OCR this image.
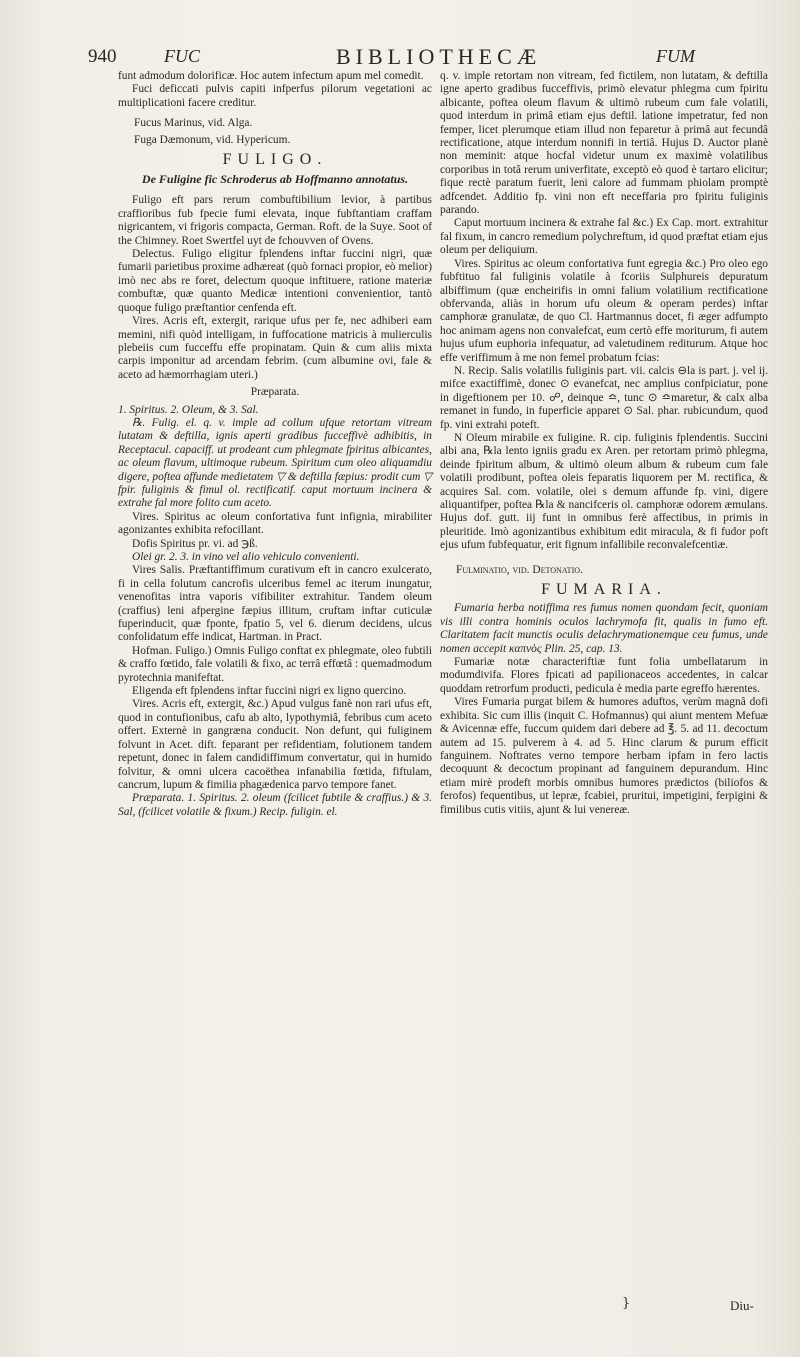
940	FUC	BIBLIOTHECÆ	FUM

funt admodum dolorificæ. Hoc autem infectum apum mel comedit.

Fuci deficcati pulvis capiti infperfus pilorum vegetationi ac multiplicationi facere creditur.

Fucus Marinus, vid. Alga.
Fuga Dæmonum, vid. Hypericum.
FULIGO.
De Fuligine fic Schroderus ab Hoffmanno annotatus.

Fuligo eft pars rerum combuftibilium levior, à partibus craffioribus fub fpecie fumi elevata, inque fubftantiam craffam nigricantem, vi frigoris compacta, German. Roft. de la Suye. Soot of the Chimney. Roet Swertfel uyt de fchouvven of Ovens.

Delectus. Fuligo eligitur fplendens inftar fuccini nigri, quæ fumarii parietibus proxime adhæreat (quò fornaci propior, eò melior) imò nec abs re foret, delectum quoque inftituere, ratione materiæ combuftæ, quæ quanto Medicæ intentioni convenientior, tantò quoque fuligo præftantior cenfenda eft.

Vires. Acris eft, extergit, rarique ufus per fe, nec adhiberi eam memini, nifi quòd intelligam, in fuffocatione matricis à mulierculis plebeiis cum fucceffu effe propinatam. Quin & cum aliis mixta carpis imponitur ad arcendam febrim. (cum albumine ovi, fale & aceto ad hæmorrhagiam uteri.)

Præparata.

1. Spiritus. 2. Oleum, & 3. Sal.

℞. Fulig. el. q. v. imple ad collum ufque retortam vitream lutatam & deftilla, ignis aperti gradibus fucceffivè adhibitis, in Receptacul. capaciff. ut prodeant cum phlegmate fpiritus albicantes, ac oleum flavum, ultimoque rubeum. Spiritum cum oleo aliquamdiu digere, poftea affunde medietatem ▽ & deftilla fæpius: prodit cum ▽ fpir. fuliginis & fimul ol. rectificatif. caput mortuum incinera & extrahe fal more folito cum aceto.

Vires. Spiritus ac oleum confortativa funt infignia, mirabiliter agonizantes exhibita refocillant.

Dofis Spiritus pr. vi. ad ℈ß.

Olei gr. 2. 3. in vino vel alio vehiculo convenienti.

Vires Salis. Præftantiffimum curativum eft in cancro exulcerato, fi in cella folutum cancrofis ulceribus femel ac iterum inungatur, venenofitas intra vaporis vifibiliter extrahitur. Tandem oleum (craffius) leni afpergine fæpius illitum, cruftam inftar cuticulæ fuperinducit, quæ fponte, fpatio 5, vel 6. dierum decidens, ulcus confolidatum effe indicat, Hartman. in Pract.

Hofman. Fuligo.) Omnis Fuligo conftat ex phlegmate, oleo fubtili & craffo fœtido, fale volatili & fixo, ac terrâ effœtâ : quemadmodum pyrotechnia manifeftat.

Eligenda eft fplendens inftar fuccini nigri ex ligno quercino.

Vires. Acris eft, extergit, &c.) Apud vulgus fanè non rari ufus eft, quod in contufionibus, cafu ab alto, lypothymiâ, febribus cum aceto offert. Externè in gangræna conducit. Non defunt, qui fuliginem folvunt in Acet. dift. feparant per refidentiam, folutionem tandem repetunt, donec in falem candidiffimum convertatur, qui in humido folvitur, & omni ulcera cacoëthea infanabilia fœtida, fiftulam, cancrum, lupum & fimilia phagædenica parvo tempore fanet.

Præparata. 1. Spiritus. 2. oleum (fcilicet fubtile & craffius.) & 3. Sal, (fcilicet volatile & fixum.) Recip. fuligin. el.

q. v. imple retortam non vitream, fed fictilem, non lutatam, & deftilla igne aperto gradibus fucceffivis, primò elevatur phlegma cum fpiritu albicante, poftea oleum flavum & ultimò rubeum cum fale volatili, quod interdum in primâ etiam ejus deftil. latione impetratur, fed non femper, licet plerumque etiam illud non feparetur à primâ aut fecundâ rectificatione, atque interdum nonnifi in tertiâ. Hujus D. Auctor planè non meminit: atque hocfal videtur unum ex maximè volatilibus corporibus in totâ rerum univerfitate, exceptò eò quod è tartaro elicitur; fique rectè paratum fuerit, leni calore ad fummam phiolam promptè adfcendet. Additio fp. vini non eft neceffaria pro fpiritu fuliginis parando.

Caput mortuum incinera & extrahe fal &c.) Ex Cap. mort. extrahitur fal fixum, in cancro remedium polychreftum, id quod præftat etiam ejus oleum per deliquium.

Vires. Spiritus ac oleum confortativa funt egregia &c.) Pro oleo ego fubftituo fal fuliginis volatile à fcoriis Sulphureis depuratum albiffimum (quæ encheirifis in omni falium volatilium rectificatione obfervanda, aliàs in horum ufu oleum & operam perdes) inftar camphoræ granulatæ, de quo Cl. Hartmannus docet, fi æger adfumpto hoc animam agens non convalefcat, eum certò effe moriturum, fi autem hujus ufum euphoria infequatur, ad valetudinem rediturum. Atque hoc effe veriffimum à me non femel probatum fcias:

N. Recip. Salis volatilis fuliginis part. vii. calcis ⊖la is part. j. vel ij. mifce exactiffimè, donec ⊙ evanefcat, nec amplius confpiciatur, pone in digeftionem per 10. ☍, deinque ≏, tunc ⊙ ≏maretur, & calx alba remanet in fundo, in fuperficie apparet ⊙ Sal. phar. rubicundum, quod fp. vini extrahi poteft.

N Oleum mirabile ex fuligine. R. cip. fuliginis fplendentis. Succini albi ana, ℞la lento igniis gradu ex Aren. per retortam primò phlegma, deinde fpiritum album, & ultimò oleum album & rubeum cum fale volatili prodibunt, poftea oleis feparatis liquorem per M. rectifica, & acquires Sal. com. volatile, olei s demum affunde fp. vini, digere aliquantifper, poftea ℞la & nancifceris ol. camphoræ odorem æmulans. Hujus dof. gutt. iij funt in omnibus ferè affectibus, in primis in pleuritide. Imò agonizantibus exhibitum edit miracula, & fi fudor poft ejus ufum fubfequatur, erit fignum infallibile reconvalefcentiæ.

Fulminatio, vid. Detonatio.
FUMARIA.

Fumaria herba notiffima res fumus nomen quondam fecit, quoniam vis illi contra hominis oculos lachrymofa fit, qualis in fumo eft. Claritatem facit munctis oculis delachrymationemque ceu fumus, unde nomen accepit καπνὸς Plin. 25, cap. 13.

Fumariæ notæ characteriftiæ funt folia umbellatarum in modumdivifa. Flores fpicati ad papilionaceos accedentes, in calcar quoddam retrorfum producti, pedicula è media parte egreffo hærentes.

Vires Fumaria purgat bilem & humores aduftos, verùm magnâ dofi exhibita. Sic cum illis (inquit C. Hofmannus) qui aiunt mentem Mefuæ & Avicennæ effe, fuccum quidem dari debere ad ℥. 5. ad 11. decoctum autem ad 15. pulverem à 4. ad 5. Hinc clarum & purum efficit fanguinem. Noftrates verno tempore herbam ipfam in fero lactis decoquunt & decoctum propinant ad fanguinem depurandum. Hinc etiam mirè prodeft morbis omnibus humores prædictos (biliofos & ferofos) fequentibus, ut lepræ, fcabiei, pruritui, impetigini, ferpigini & fimilibus cutis vitiis, ajunt & lui venereæ.

}	Diu-
